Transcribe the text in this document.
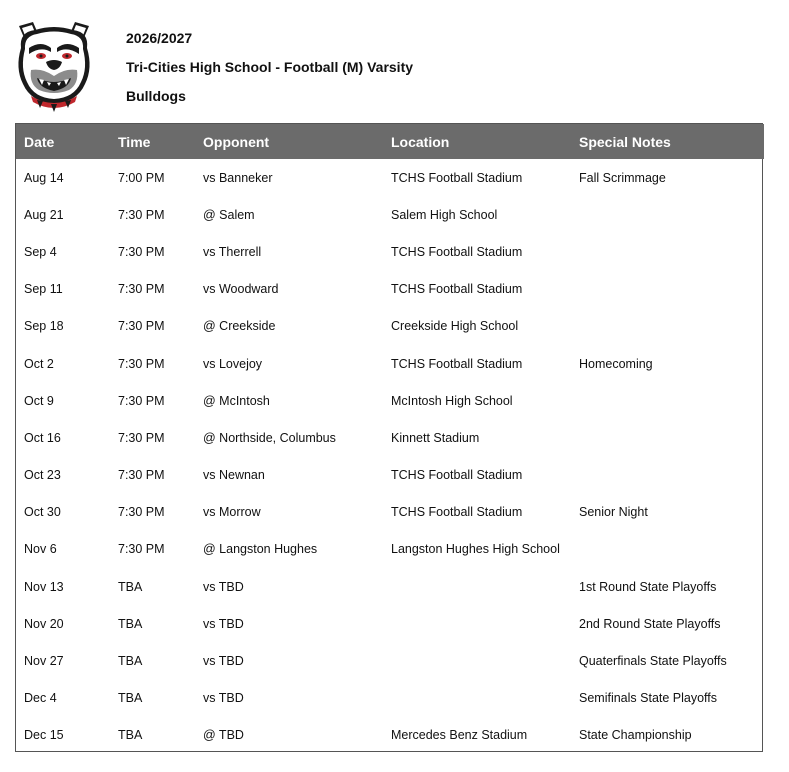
2026/2027
Tri-Cities High School - Football (M) Varsity
Bulldogs
Date	Time	Opponent	Location	Special Notes
Aug 14	7:00 PM	vs Banneker	TCHS Football Stadium	Fall Scrimmage
Aug 21	7:30 PM	@ Salem	Salem High School	
Sep 4	7:30 PM	vs Therrell	TCHS Football Stadium	
Sep 11	7:30 PM	vs Woodward	TCHS Football Stadium	
Sep 18	7:30 PM	@ Creekside	Creekside High School	
Oct 2	7:30 PM	vs Lovejoy	TCHS Football Stadium	Homecoming
Oct 9	7:30 PM	@ McIntosh	McIntosh High School	
Oct 16	7:30 PM	@ Northside, Columbus	Kinnett Stadium	
Oct 23	7:30 PM	vs Newnan	TCHS Football Stadium	
Oct 30	7:30 PM	vs Morrow	TCHS Football Stadium	Senior Night
Nov 6	7:30 PM	@ Langston Hughes	Langston Hughes High School	
Nov 13	TBA	vs TBD		1st Round State Playoffs
Nov 20	TBA	vs TBD		2nd Round State Playoffs
Nov 27	TBA	vs TBD		Quaterfinals State Playoffs
Dec 4	TBA	vs TBD		Semifinals State Playoffs
Dec 15	TBA	@ TBD	Mercedes Benz Stadium	State Championship
